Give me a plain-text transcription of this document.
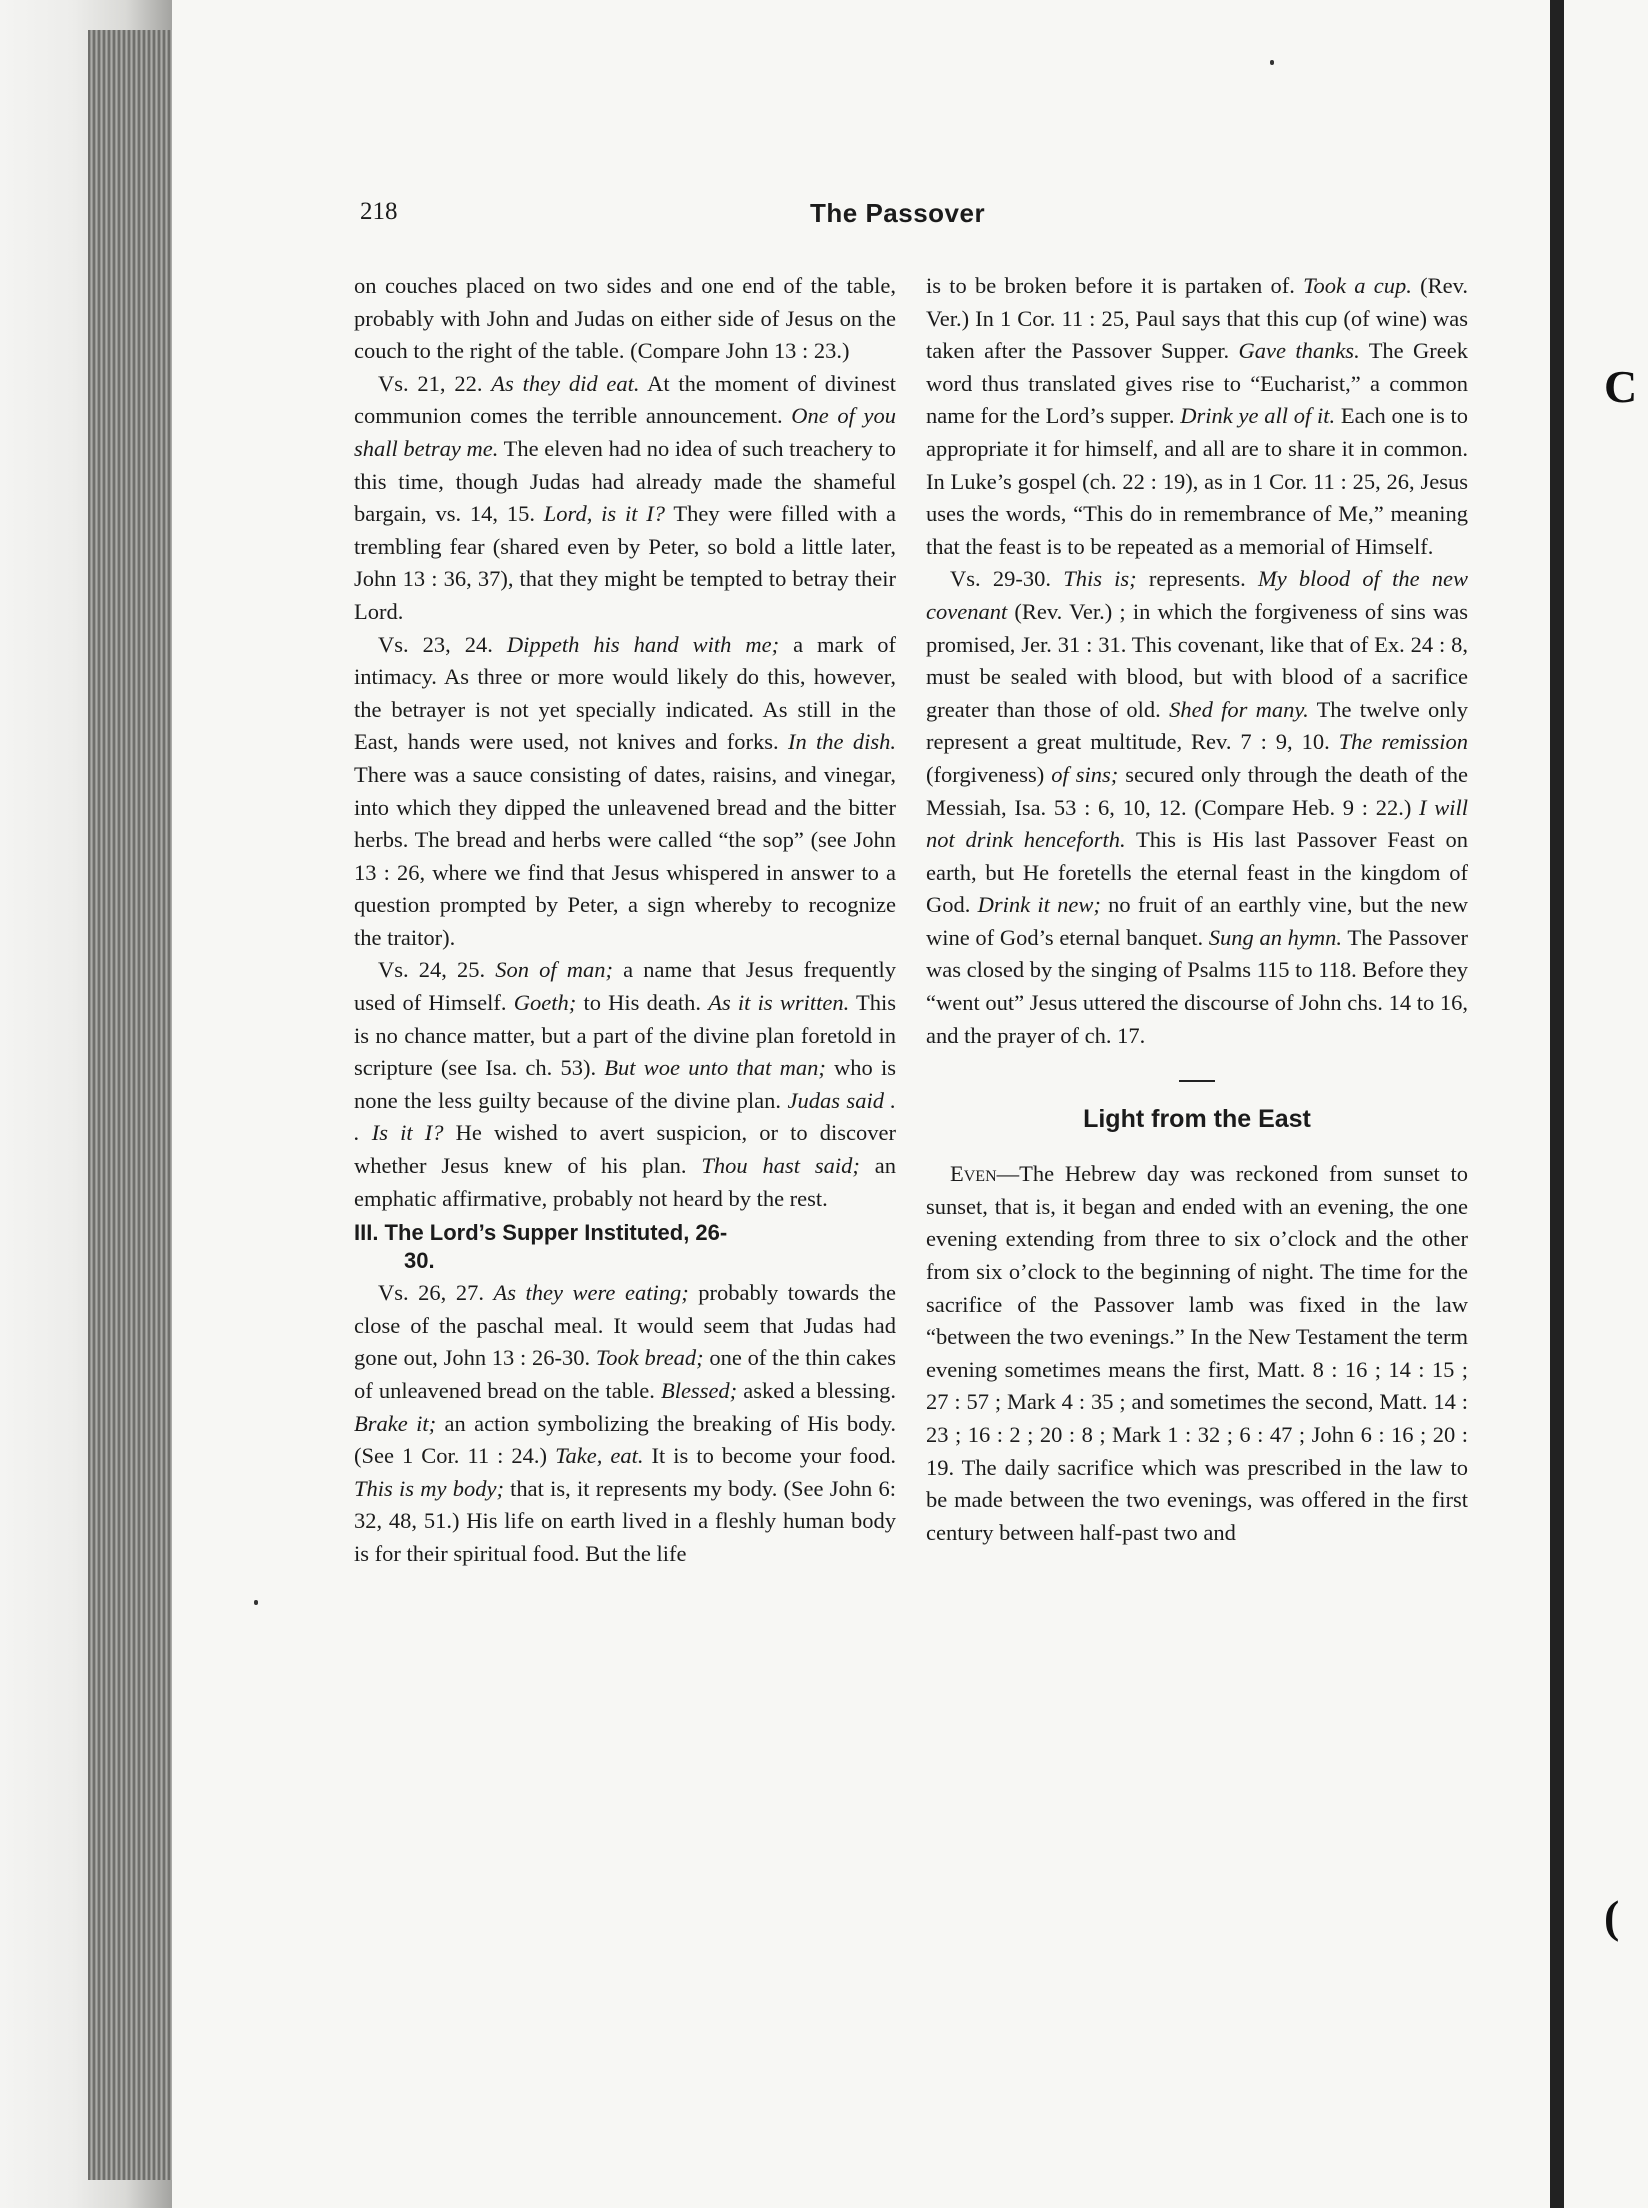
218	The Passover

on couches placed on two sides and one end of the table, probably with John and Judas on either side of Jesus on the couch to the right of the table. (Compare John 13 : 23.)

Vs. 21, 22. As they did eat. At the moment of divinest communion comes the terrible announcement. One of you shall betray me. The eleven had no idea of such treachery to this time, though Judas had already made the shameful bargain, vs. 14, 15. Lord, is it I? They were filled with a trembling fear (shared even by Peter, so bold a little later, John 13 : 36, 37), that they might be tempted to betray their Lord.

Vs. 23, 24. Dippeth his hand with me; a mark of intimacy. As three or more would likely do this, however, the betrayer is not yet specially indicated. As still in the East, hands were used, not knives and forks. In the dish. There was a sauce consisting of dates, raisins, and vinegar, into which they dipped the unleavened bread and the bitter herbs. The bread and herbs were called “the sop” (see John 13 : 26, where we find that Jesus whispered in answer to a question prompted by Peter, a sign whereby to recognize the traitor).

Vs. 24, 25. Son of man; a name that Jesus frequently used of Himself. Goeth; to His death. As it is written. This is no chance matter, but a part of the divine plan foretold in scripture (see Isa. ch. 53). But woe unto that man; who is none the less guilty because of the divine plan. Judas said . . Is it I? He wished to avert suspicion, or to discover whether Jesus knew of his plan. Thou hast said; an emphatic affirmative, probably not heard by the rest.

III. The Lord’s Supper Instituted, 26-
30.

Vs. 26, 27. As they were eating; probably towards the close of the paschal meal. It would seem that Judas had gone out, John 13 : 26-30. Took bread; one of the thin cakes of unleavened bread on the table. Blessed; asked a blessing. Brake it; an action symbolizing the breaking of His body. (See 1 Cor. 11 : 24.) Take, eat. It is to become your food. This is my body; that is, it represents my body. (See John 6: 32, 48, 51.) His life on earth lived in a fleshly human body is for their spiritual food. But the life

is to be broken before it is partaken of. Took a cup. (Rev. Ver.) In 1 Cor. 11 : 25, Paul says that this cup (of wine) was taken after the Passover Supper. Gave thanks. The Greek word thus translated gives rise to “Eucharist,” a common name for the Lord’s supper. Drink ye all of it. Each one is to appropriate it for himself, and all are to share it in common. In Luke’s gospel (ch. 22 : 19), as in 1 Cor. 11 : 25, 26, Jesus uses the words, “This do in remembrance of Me,” meaning that the feast is to be repeated as a memorial of Himself.

Vs. 29-30. This is; represents. My blood of the new covenant (Rev. Ver.) ; in which the forgiveness of sins was promised, Jer. 31 : 31. This covenant, like that of Ex. 24 : 8, must be sealed with blood, but with blood of a sacrifice greater than those of old. Shed for many. The twelve only represent a great multitude, Rev. 7 : 9, 10. The remission (forgiveness) of sins; secured only through the death of the Messiah, Isa. 53 : 6, 10, 12. (Compare Heb. 9 : 22.) I will not drink henceforth. This is His last Passover Feast on earth, but He foretells the eternal feast in the kingdom of God. Drink it new; no fruit of an earthly vine, but the new wine of God’s eternal banquet. Sung an hymn. The Passover was closed by the singing of Psalms 115 to 118. Before they “went out” Jesus uttered the discourse of John chs. 14 to 16, and the prayer of ch. 17.

Light from the East

Even—The Hebrew day was reckoned from sunset to sunset, that is, it began and ended with an evening, the one evening extending from three to six o’clock and the other from six o’clock to the beginning of night. The time for the sacrifice of the Passover lamb was fixed in the law “between the two evenings.” In the New Testament the term evening sometimes means the first, Matt. 8 : 16 ; 14 : 15 ; 27 : 57 ; Mark 4 : 35 ; and sometimes the second, Matt. 14 : 23 ; 16 : 2 ; 20 : 8 ; Mark 1 : 32 ; 6 : 47 ; John 6 : 16 ; 20 : 19. The daily sacrifice which was prescribed in the law to be made between the two evenings, was offered in the first century between half-past two and

C
(
